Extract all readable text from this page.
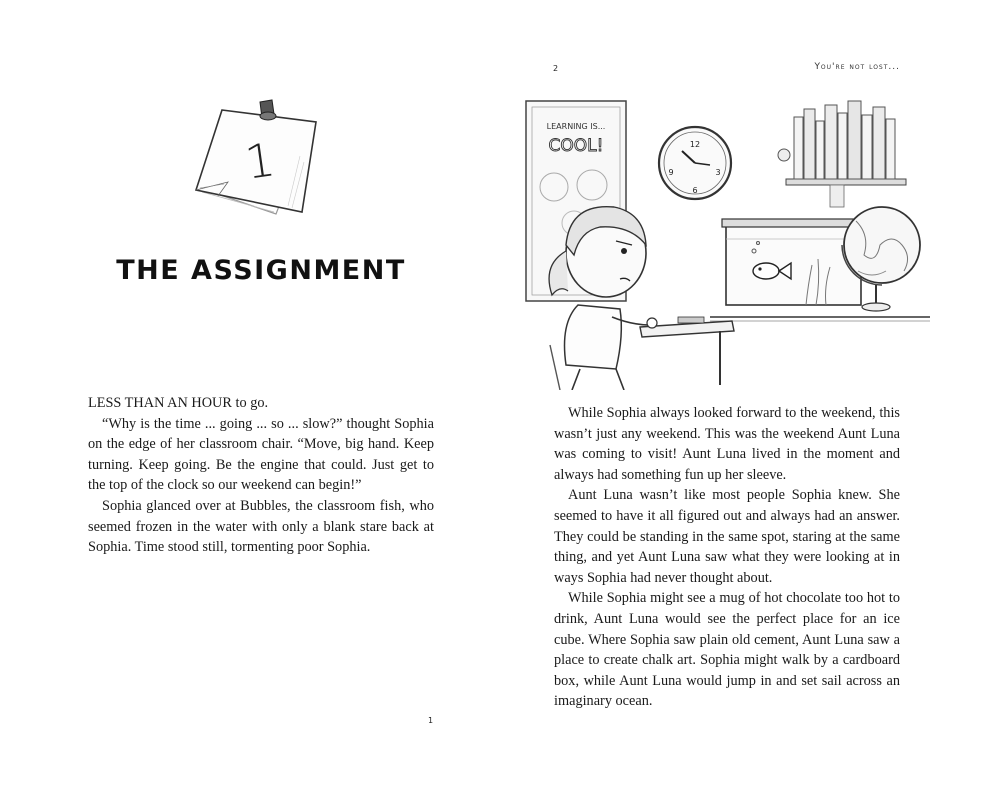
1
THE ASSIGNMENT

LESS THAN AN HOUR to go.

“Why is the time ... going ... so ... slow?” thought Sophia on the edge of her classroom chair. “Move, big hand. Keep turning. Keep going. Be the engine that could. Just get to the top of the clock so our weekend can begin!”

Sophia glanced over at Bubbles, the classroom fish, who seemed frozen in the water with only a blank stare back at Sophia. Time stood still, tormenting poor Sophia.

1
2	You're not lost...
LEARNING IS...
COOL!	12
3
6
9

While Sophia always looked forward to the weekend, this wasn’t just any weekend. This was the weekend Aunt Luna was coming to visit! Aunt Luna lived in the moment and always had something fun up her sleeve.

Aunt Luna wasn’t like most people Sophia knew. She seemed to have it all figured out and always had an answer. They could be standing in the same spot, staring at the same thing, and yet Aunt Luna saw what they were looking at in ways Sophia had never thought about.

While Sophia might see a mug of hot chocolate too hot to drink, Aunt Luna would see the perfect place for an ice cube. Where Sophia saw plain old cement, Aunt Luna saw a place to create chalk art. Sophia might walk by a cardboard box, while Aunt Luna would jump in and set sail across an imaginary ocean.
